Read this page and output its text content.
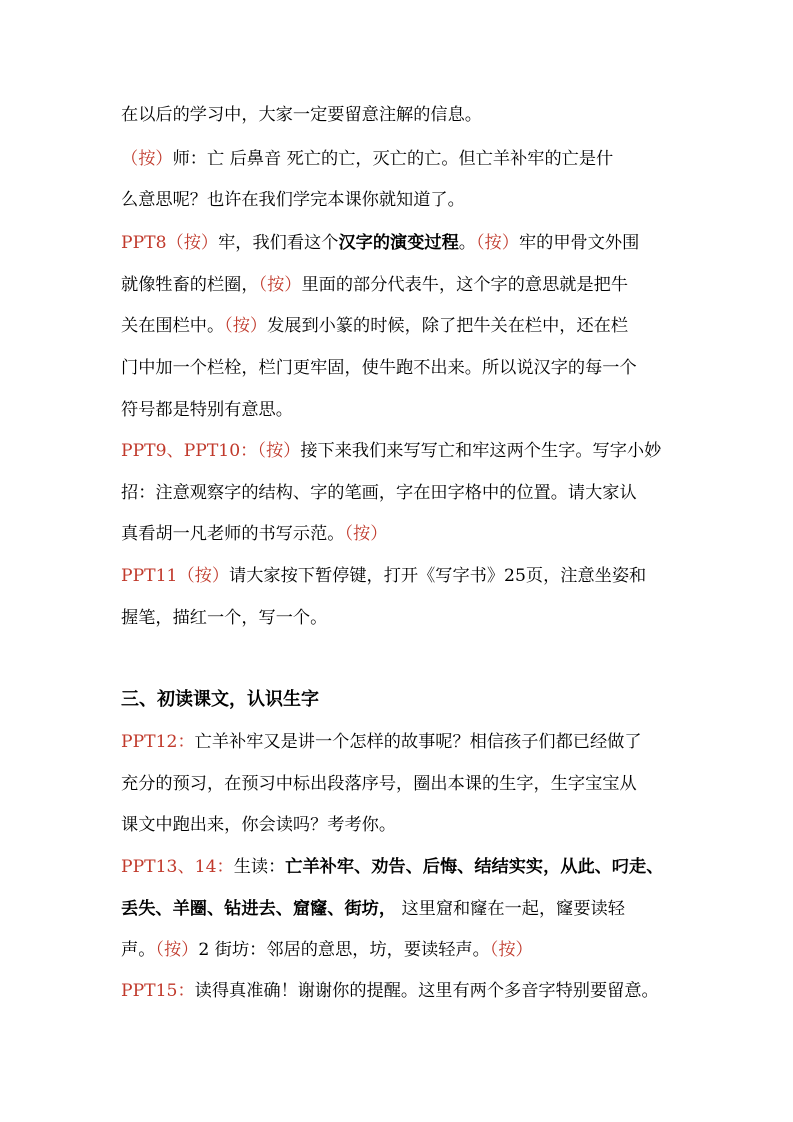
在以后的学习中，大家一定要留意注解的信息。
（按）师：亡 后鼻音 死亡的亡，灭亡的亡。但亡羊补牢的亡是什
么意思呢？也许在我们学完本课你就知道了。
PPT8（按）牢，我们看这个汉字的演变过程。（按）牢的甲骨文外围
就像牲畜的栏圈，（按）里面的部分代表牛，这个字的意思就是把牛
关在围栏中。（按）发展到小篆的时候，除了把牛关在栏中，还在栏
门中加一个栏栓，栏门更牢固，使牛跑不出来。所以说汉字的每一个
符号都是特别有意思。
PPT9、PPT10：（按）接下来我们来写写亡和牢这两个生字。写字小妙
招：注意观察字的结构、字的笔画，字在田字格中的位置。请大家认
真看胡一凡老师的书写示范。（按）
PPT11（按）请大家按下暂停键，打开《写字书》25页，注意坐姿和
握笔，描红一个，写一个。
三、初读课文，认识生字
PPT12：亡羊补牢又是讲一个怎样的故事呢？相信孩子们都已经做了
充分的预习，在预习中标出段落序号，圈出本课的生字，生字宝宝从
课文中跑出来，你会读吗？考考你。
PPT13、14：生读：亡羊补牢、劝告、后悔、结结实实，从此、叼走、
丢失、羊圈、钻进去、窟窿、街坊， 这里窟和窿在一起，窿要读轻
声。（按）2 街坊：邻居的意思，坊，要读轻声。（按）
PPT15：读得真准确！谢谢你的提醒。这里有两个多音字特别要留意。
